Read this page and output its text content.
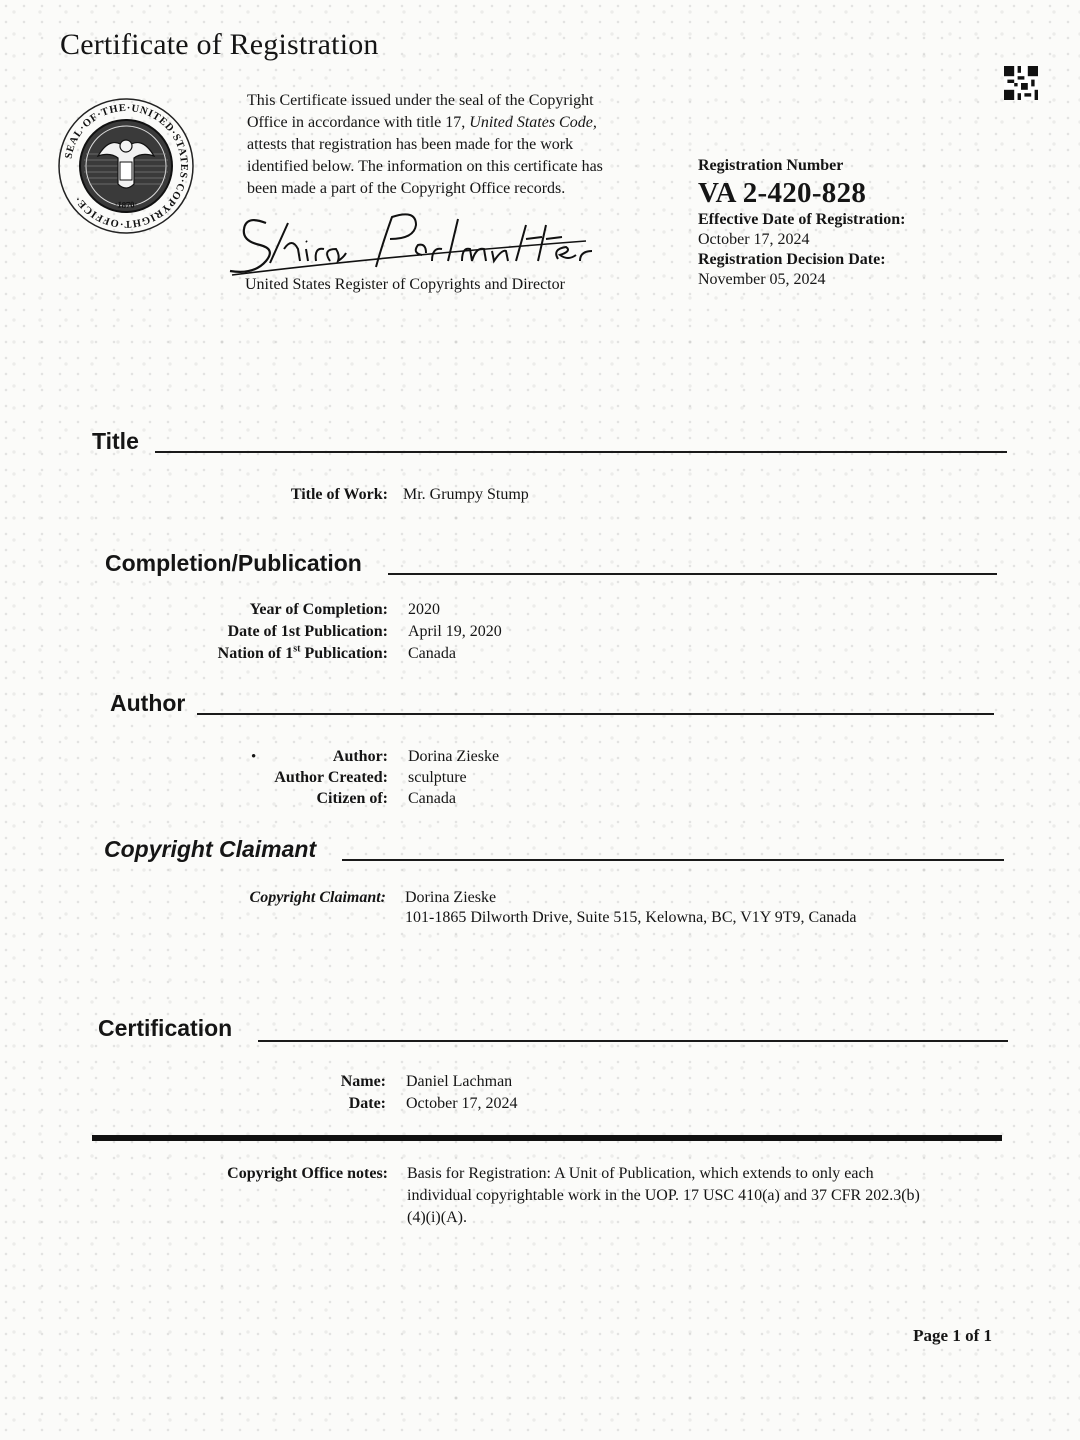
Certificate of Registration
SEAL·OF·THE·UNITED·STATES·COPYRIGHT·OFFICE·
·1870·
This Certificate issued under the seal of the Copyright
Office in accordance with title 17, United States Code,
attests that registration has been made for the work
identified below. The information on this certificate has
been made a part of the Copyright Office records.
United States Register of Copyrights and Director
Registration Number
VA 2-420-828
Effective Date of Registration:
October 17, 2024
Registration Decision Date:
November 05, 2024
Title
Title of Work: Mr. Grumpy Stump
Completion/Publication
Year of Completion: 2020
Date of 1st Publication: April 19, 2020
Nation of 1st Publication: Canada
Author
•	Author: Dorina Zieske
Author Created: sculpture
Citizen of: Canada
Copyright Claimant
Copyright Claimant: Dorina Zieske
101-1865 Dilworth Drive, Suite 515, Kelowna, BC, V1Y 9T9, Canada
Certification
Name: Daniel Lachman
Date: October 17, 2024
Copyright Office notes: Basis for Registration: A Unit of Publication, which extends to only each
individual copyrightable work in the UOP. 17 USC 410(a) and 37 CFR 202.3(b)
(4)(i)(A).
Page 1 of 1
